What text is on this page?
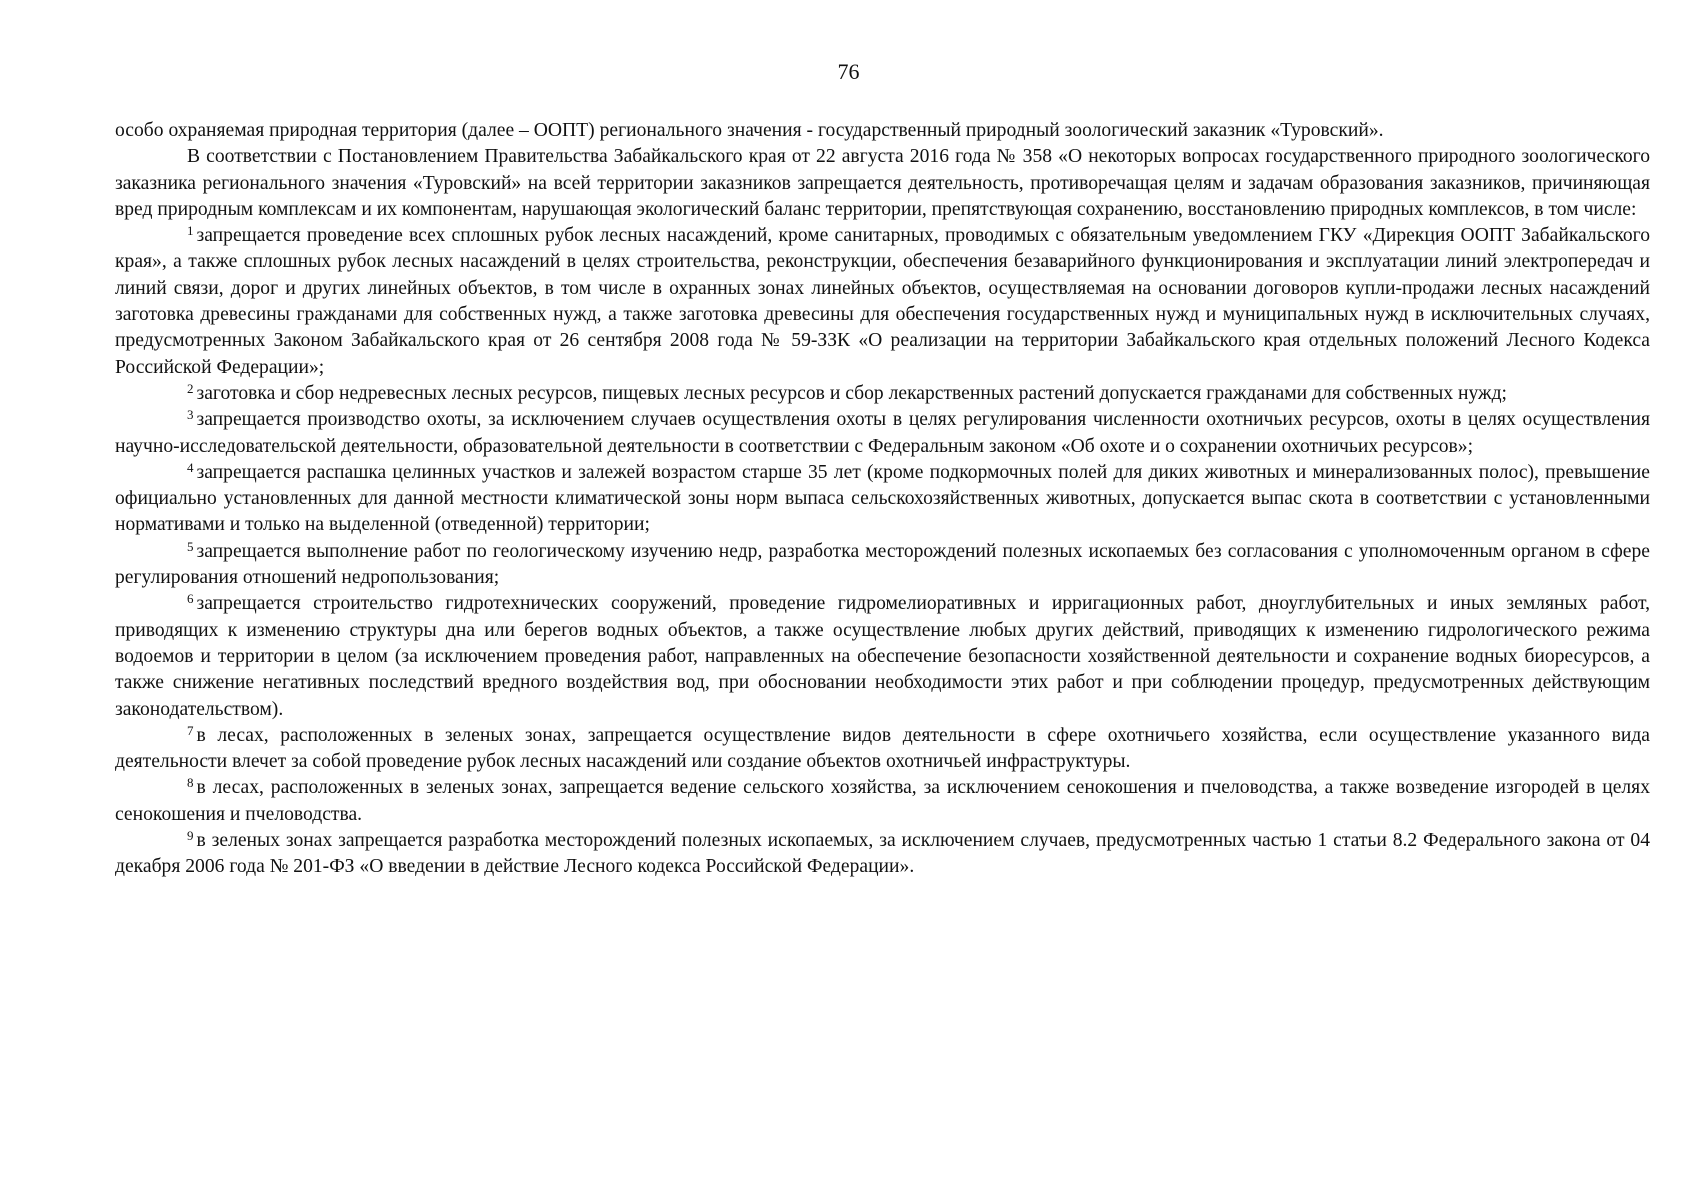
76

особо охраняемая природная территория (далее – ООПТ) регионального значения - государственный природный зоологический заказник «Туровский».

В соответствии с Постановлением Правительства Забайкальского края от 22 августа 2016 года № 358 «О некоторых вопросах государственного природного зоологического заказника регионального значения «Туровский» на всей территории заказников запрещается деятельность, противоречащая целям и задачам образования заказников, причиняющая вред природным комплексам и их компонентам, нарушающая экологический баланс территории, препятствующая сохранению, восстановлению природных комплексов, в том числе:

$^1$ запрещается проведение всех сплошных рубок лесных насаждений, кроме санитарных, проводимых с обязательным уведомлением ГКУ «Дирекция ООПТ Забайкальского края», а также сплошных рубок лесных насаждений в целях строительства, реконструкции, обеспечения безаварийного функционирования и эксплуатации линий электропередач и линий связи, дорог и других линейных объектов, в том числе в охранных зонах линейных объектов, осуществляемая на основании договоров купли-продажи лесных насаждений заготовка древесины гражданами для собственных нужд, а также заготовка древесины для обеспечения государственных нужд и муниципальных нужд в исключительных случаях, предусмотренных Законом Забайкальского края от 26 сентября 2008 года № 59-ЗЗК «О реализации на территории Забайкальского края отдельных положений Лесного Кодекса Российской Федерации»;

$^2$ заготовка и сбор недревесных лесных ресурсов, пищевых лесных ресурсов и сбор лекарственных растений допускается гражданами для собственных нужд;

$^3$ запрещается производство охоты, за исключением случаев осуществления охоты в целях регулирования численности охотничьих ресурсов, охоты в целях осуществления научно-исследовательской деятельности, образовательной деятельности в соответствии с Федеральным законом «Об охоте и о сохранении охотничьих ресурсов»;

$^4$ запрещается распашка целинных участков и залежей возрастом старше 35 лет (кроме подкормочных полей для диких животных и минерализованных полос), превышение официально установленных для данной местности климатической зоны норм выпаса сельскохозяйственных животных, допускается выпас скота в соответствии с установленными нормативами и только на выделенной (отведенной) территории;

$^5$ запрещается выполнение работ по геологическому изучению недр, разработка месторождений полезных ископаемых без согласования с уполномоченным органом в сфере регулирования отношений недропользования;

$^6$ запрещается строительство гидротехнических сооружений, проведение гидромелиоративных и ирригационных работ, дноуглубительных и иных земляных работ, приводящих к изменению структуры дна или берегов водных объектов, а также осуществление любых других действий, приводящих к изменению гидрологического режима водоемов и территории в целом (за исключением проведения работ, направленных на обеспечение безопасности хозяйственной деятельности и сохранение водных биоресурсов, а также снижение негативных последствий вредного воздействия вод, при обосновании необходимости этих работ и при соблюдении процедур, предусмотренных действующим законодательством).

$^7$ в лесах, расположенных в зеленых зонах, запрещается осуществление видов деятельности в сфере охотничьего хозяйства, если осуществление указанного вида деятельности влечет за собой проведение рубок лесных насаждений или создание объектов охотничьей инфраструктуры.

$^8$ в лесах, расположенных в зеленых зонах, запрещается ведение сельского хозяйства, за исключением сенокошения и пчеловодства, а также возведение изгородей в целях сенокошения и пчеловодства.

$^9$ в зеленых зонах запрещается разработка месторождений полезных ископаемых, за исключением случаев, предусмотренных частью 1 статьи 8.2 Федерального закона от 04 декабря 2006 года № 201-ФЗ «О введении в действие Лесного кодекса Российской Федерации».
